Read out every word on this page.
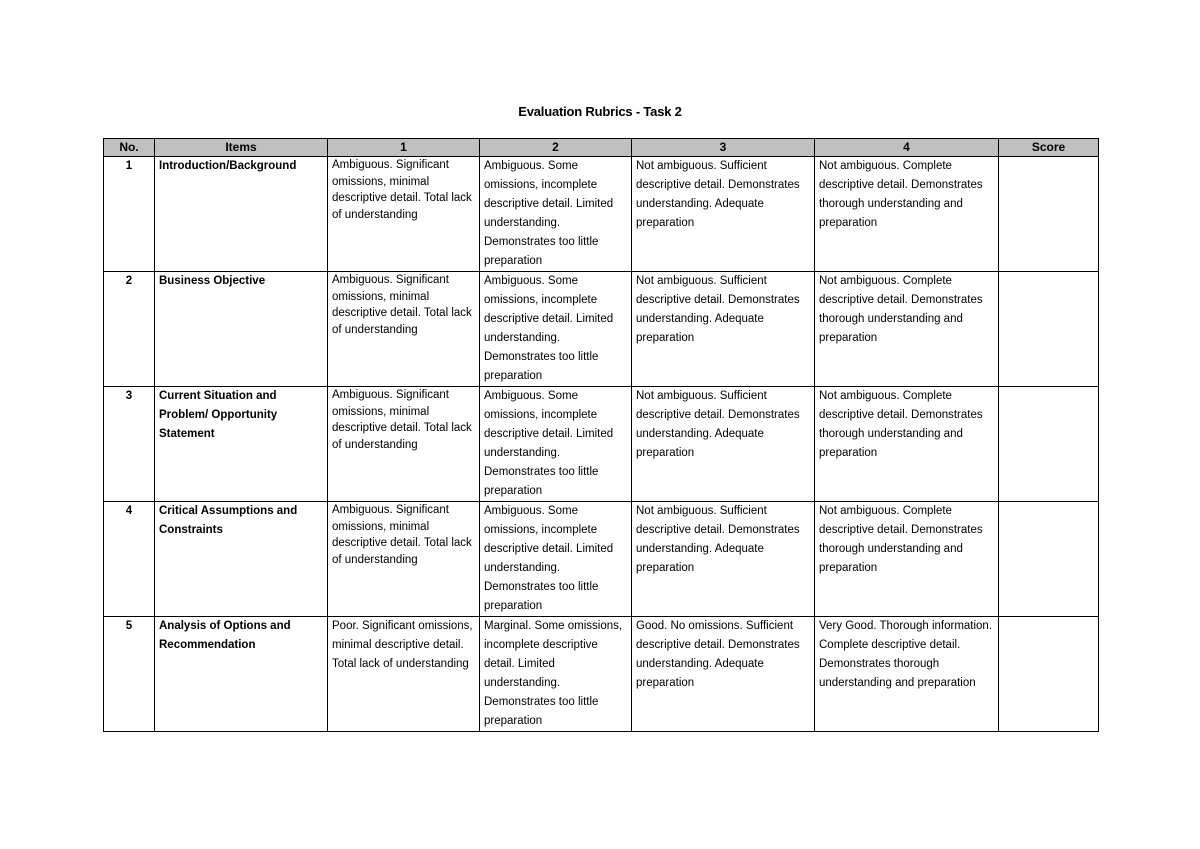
Evaluation Rubrics - Task 2
No.	Items	1	2	3	4	Score
1	Introduction/Background	Ambiguous. Significant omissions, minimal descriptive detail. Total lack of understanding	Ambiguous. Some omissions, incomplete descriptive detail. Limited understanding. Demonstrates too little preparation	Not ambiguous. Sufficient descriptive detail. Demonstrates understanding. Adequate preparation	Not ambiguous. Complete descriptive detail. Demonstrates thorough understanding and preparation	
2	Business Objective	Ambiguous. Significant omissions, minimal descriptive detail. Total lack of understanding	Ambiguous. Some omissions, incomplete descriptive detail. Limited understanding. Demonstrates too little preparation	Not ambiguous. Sufficient descriptive detail. Demonstrates understanding. Adequate preparation	Not ambiguous. Complete descriptive detail. Demonstrates thorough understanding and preparation	
3	Current Situation and Problem/ Opportunity Statement	Ambiguous. Significant omissions, minimal descriptive detail. Total lack of understanding	Ambiguous. Some omissions, incomplete descriptive detail. Limited understanding. Demonstrates too little preparation	Not ambiguous. Sufficient descriptive detail. Demonstrates understanding. Adequate preparation	Not ambiguous. Complete descriptive detail. Demonstrates thorough understanding and preparation	
4	Critical Assumptions and Constraints	Ambiguous. Significant omissions, minimal descriptive detail. Total lack of understanding	Ambiguous. Some omissions, incomplete descriptive detail. Limited understanding. Demonstrates too little preparation	Not ambiguous. Sufficient descriptive detail. Demonstrates understanding. Adequate preparation	Not ambiguous. Complete descriptive detail. Demonstrates thorough understanding and preparation	
5	Analysis of Options and Recommendation	Poor. Significant omissions, minimal descriptive detail. Total lack of understanding	Marginal. Some omissions, incomplete descriptive detail. Limited understanding. Demonstrates too little preparation	Good. No omissions. Sufficient descriptive detail. Demonstrates understanding. Adequate preparation	Very Good. Thorough information. Complete descriptive detail. Demonstrates thorough understanding and preparation	
